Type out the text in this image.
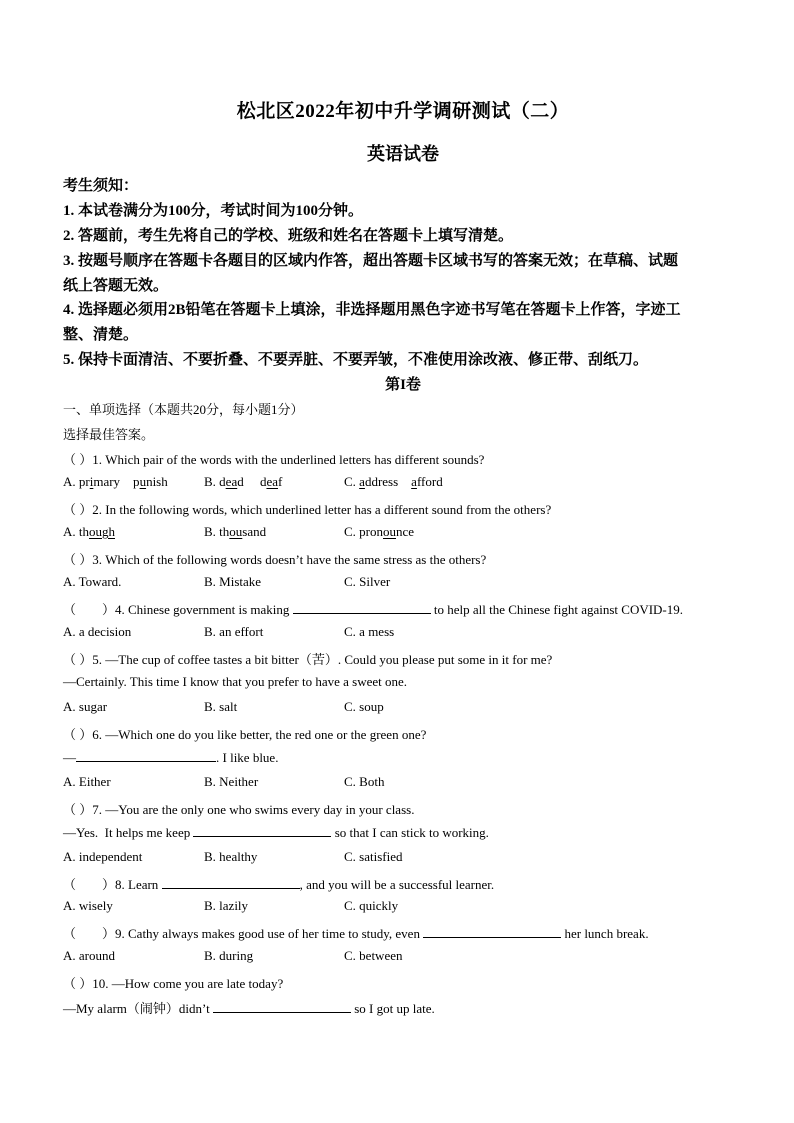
松北区2022年初中升学调研测试（二）
英语试卷
考生须知：
1. 本试卷满分为100分，考试时间为100分钟。
2. 答题前，考生先将自己的学校、班级和姓名在答题卡上填写清楚。
3. 按题号顺序在答题卡各题目的区域内作答，超出答题卡区域书写的答案无效；在草稿、试题
纸上答题无效。
4. 选择题必须用2B铅笔在答题卡上填涂，非选择题用黑色字迹书写笔在答题卡上作答，字迹工
整、清楚。
5. 保持卡面清洁、不要折叠、不要弄脏、不要弄皱，不准使用涂改液、修正带、刮纸刀。
第I卷
一、单项选择（本题共20分，每小题1分）
选择最佳答案。
（ ）1. Which pair of the words with the underlined letters has different sounds?
A. primary    punish	B. dead     deaf	C. address    afford
（ ）2. In the following words, which underlined letter has a different sound from the others?
A. though	B. thousand	C. pronounce
（ ）3. Which of the following words doesn’t have the same stress as the others?
A. Toward.	B. Mistake	C. Silver
（        ）4. Chinese government is making	to help all the Chinese fight against COVID-19.
A. a decision	B. an effort	C. a mess
（ ）5. —The cup of coffee tastes a bit bitter（苦）. Could you please put some in it for me?
—Certainly. This time I know that you prefer to have a sweet one.
A. sugar	B. salt	C. soup
（ ）6. —Which one do you like better, the red one or the green one?
—	. I like blue.
A. Either	B. Neither	C. Both
（ ）7. —You are the only one who swims every day in your class.
—Yes.  It helps me keep	so that I can stick to working.
A. independent	B. healthy	C. satisfied
（        ）8. Learn	, and you will be a successful learner.
A. wisely	B. lazily	C. quickly
（        ）9. Cathy always makes good use of her time to study, even	her lunch break.
A. around	B. during	C. between
（ ）10. —How come you are late today?
—My alarm（闹钟）didn’t	so I got up late.
